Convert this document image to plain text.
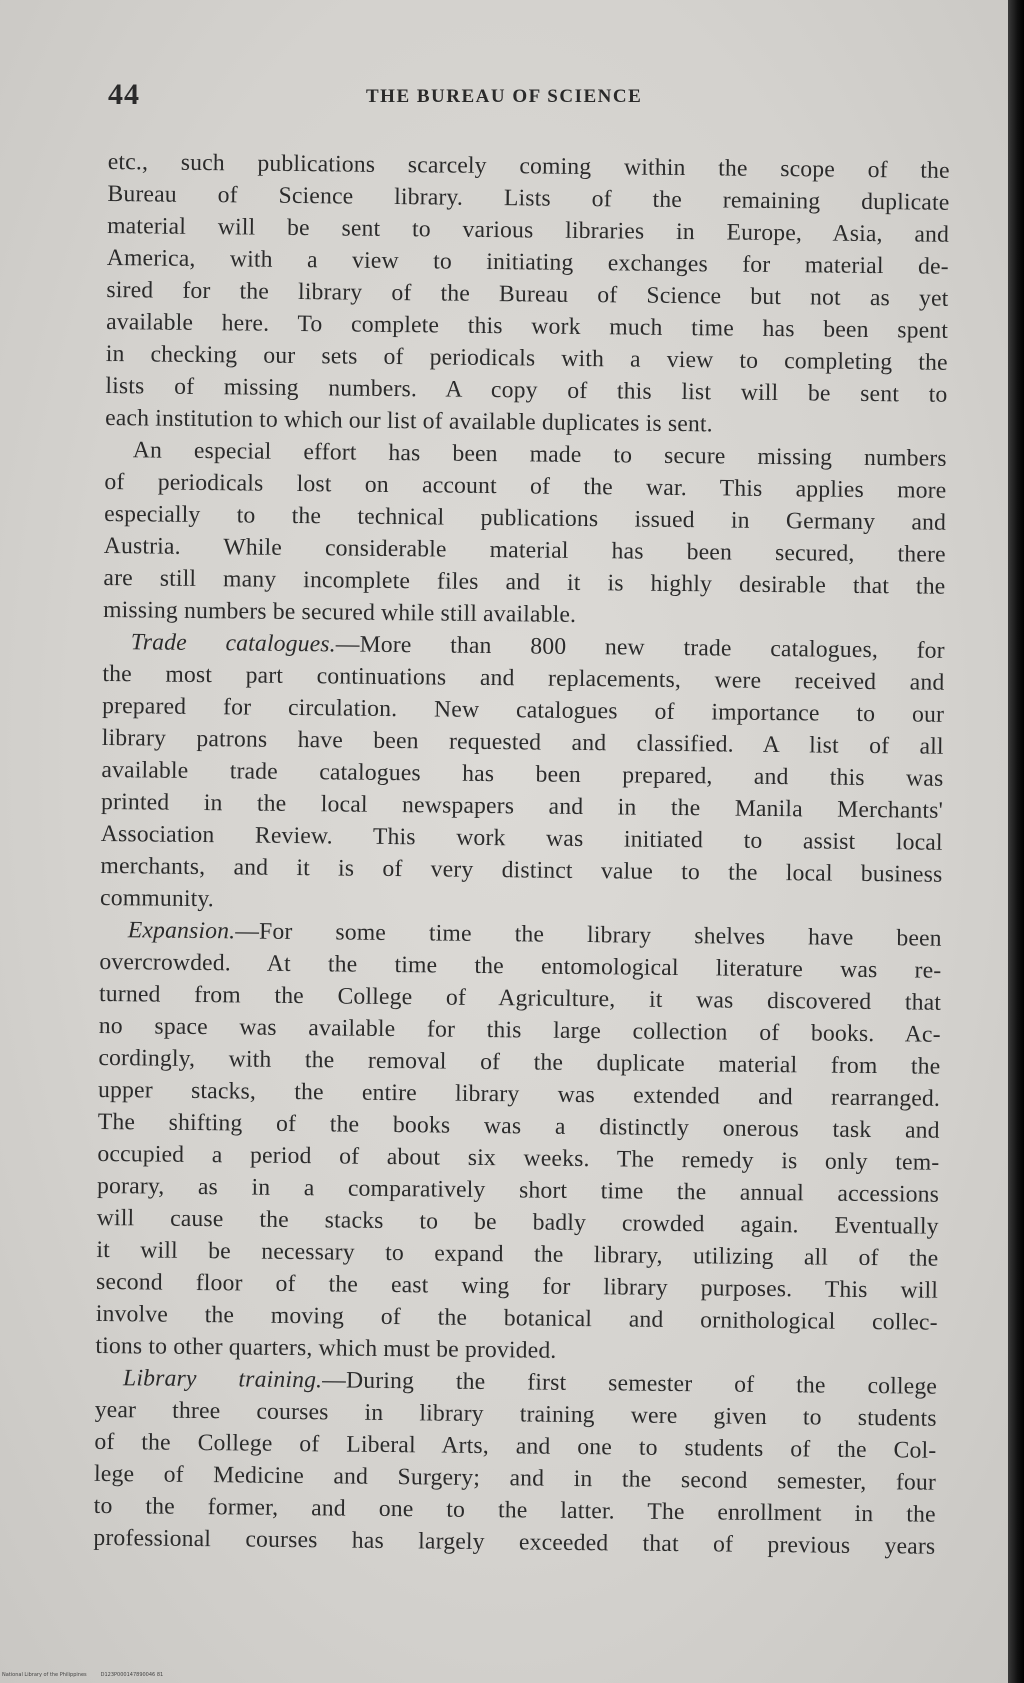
44	THE BUREAU OF SCIENCE
etc., such publications scarcely coming within the scope of the
Bureau of Science library. Lists of the remaining duplicate
material will be sent to various libraries in Europe, Asia, and
America, with a view to initiating exchanges for material de-
sired for the library of the Bureau of Science but not as yet
available here. To complete this work much time has been spent
in checking our sets of periodicals with a view to completing the
lists of missing numbers. A copy of this list will be sent to
each institution to which our list of available duplicates is sent.
An especial effort has been made to secure missing numbers
of periodicals lost on account of the war. This applies more
especially to the technical publications issued in Germany and
Austria. While considerable material has been secured, there
are still many incomplete files and it is highly desirable that the
missing numbers be secured while still available.
Trade catalogues.—More than 800 new trade catalogues, for
the most part continuations and replacements, were received and
prepared for circulation. New catalogues of importance to our
library patrons have been requested and classified. A list of all
available trade catalogues has been prepared, and this was
printed in the local newspapers and in the Manila Merchants'
Association Review. This work was initiated to assist local
merchants, and it is of very distinct value to the local business
community.
Expansion.—For some time the library shelves have been
overcrowded. At the time the entomological literature was re-
turned from the College of Agriculture, it was discovered that
no space was available for this large collection of books. Ac-
cordingly, with the removal of the duplicate material from the
upper stacks, the entire library was extended and rearranged.
The shifting of the books was a distinctly onerous task and
occupied a period of about six weeks. The remedy is only tem-
porary, as in a comparatively short time the annual accessions
will cause the stacks to be badly crowded again. Eventually
it will be necessary to expand the library, utilizing all of the
second floor of the east wing for library purposes. This will
involve the moving of the botanical and ornithological collec-
tions to other quarters, which must be provided.
Library training.—During the first semester of the college
year three courses in library training were given to students
of the College of Liberal Arts, and one to students of the Col-
lege of Medicine and Surgery; and in the second semester, four
to the former, and one to the latter. The enrollment in the
professional courses has largely exceeded that of previous years
National Library of the Philippines	D123P000147890046 81
